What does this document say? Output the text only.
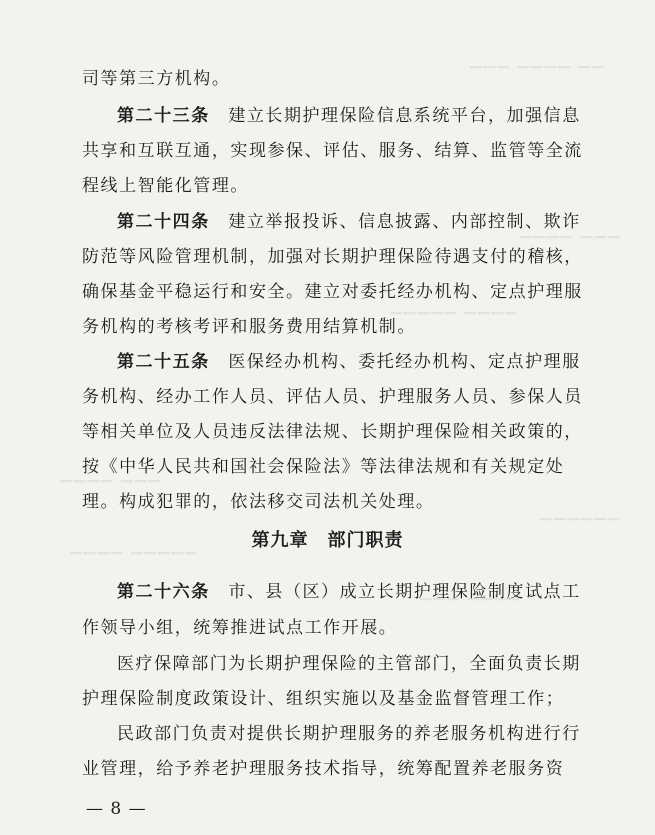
▔▔▔ ▔▔▔▔ ▔▔
▔▔▔▔ ▔▔▔
▔▔▔▔▔ ▔▔▔▔
▔▔▔▔ ▔▔▔
▔▔▔▔▔▔
▔▔▔▔ ▔▔▔▔▔
▔▔▔ ▔▔▔▔
司等第三方机构。
第二十三条　 建立长期护理保险信息系统平台，加强信息
共享和互联互通，实现参保、评估、服务、结算、监管等全流
程线上智能化管理。
第二十四条　 建立举报投诉、信息披露、内部控制、欺诈
防范等风险管理机制，加强对长期护理保险待遇支付的稽核，
确保基金平稳运行和安全。建立对委托经办机构、定点护理服
务机构的考核考评和服务费用结算机制。
第二十五条　 医保经办机构、委托经办机构、定点护理服
务机构、经办工作人员、评估人员、护理服务人员、参保人员
等相关单位及人员违反法律法规、长期护理保险相关政策的，
按《中华人民共和国社会保险法》等法律法规和有关规定处
理。构成犯罪的，依法移交司法机关处理。
第九章　部门职责
第二十六条　 市、县（区）成立长期护理保险制度试点工
作领导小组，统筹推进试点工作开展。
医疗保障部门为长期护理保险的主管部门，全面负责长期
护理保险制度政策设计、组织实施以及基金监督管理工作；
民政部门负责对提供长期护理服务的养老服务机构进行行
业管理，给予养老护理服务技术指导，统筹配置养老服务资
— 8 —
